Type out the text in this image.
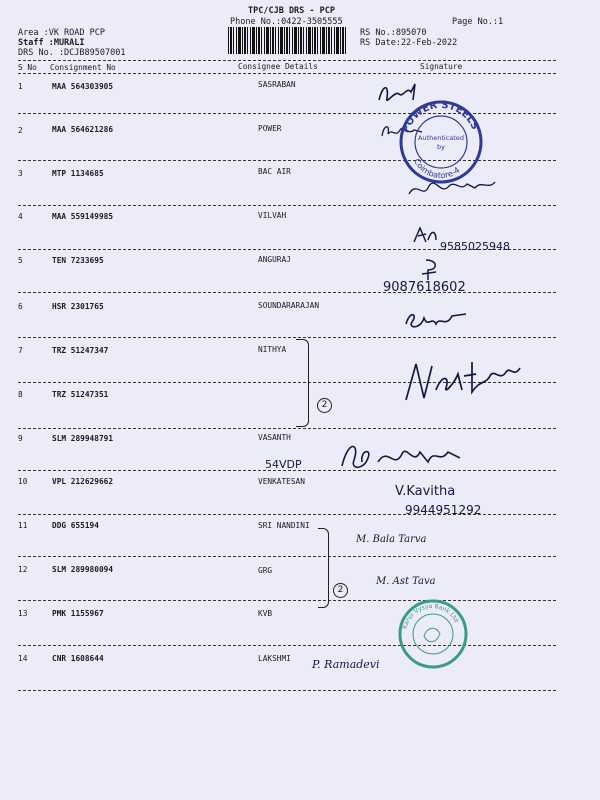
TPC/CJB DRS - PCP
Phone No.:0422-3505555	Page No.:1
Area :VK ROAD PCP
Staff :MURALI
DRS No. :DCJB89507001
RS No.:895070
RS Date:22-Feb-2022
S No Consignment No	Consignee Details	Signature
1	MAA 564303905	SASRABAN
2	MAA 564621286	POWER
3	MTP 1134685	BAC AIR
4	MAA 559149985	VILVAH
5	TEN 7233695	ANGURAJ
6	HSR 2301765	SOUNDARARAJAN
7	TRZ 51247347	NITHYA
8	TRZ 51247351
9	SLM 289948791	VASANTH
10	VPL 212629662	VENKATESAN
11	DDG 655194	SRI NANDINI
12	SLM 289980094	GRG
13	PMK 1155967	KVB
14	CNR 1608644	LAKSHMI
2
2
9585025948
9087618602
54VDP
V.Kavitha
9944951292
M. Bala Tarva
M. Ast Tava
P. Ramadevi
POWER STEELS
Coimbatore-4
Authenticated
by
Karur Vysya Bank Ltd
